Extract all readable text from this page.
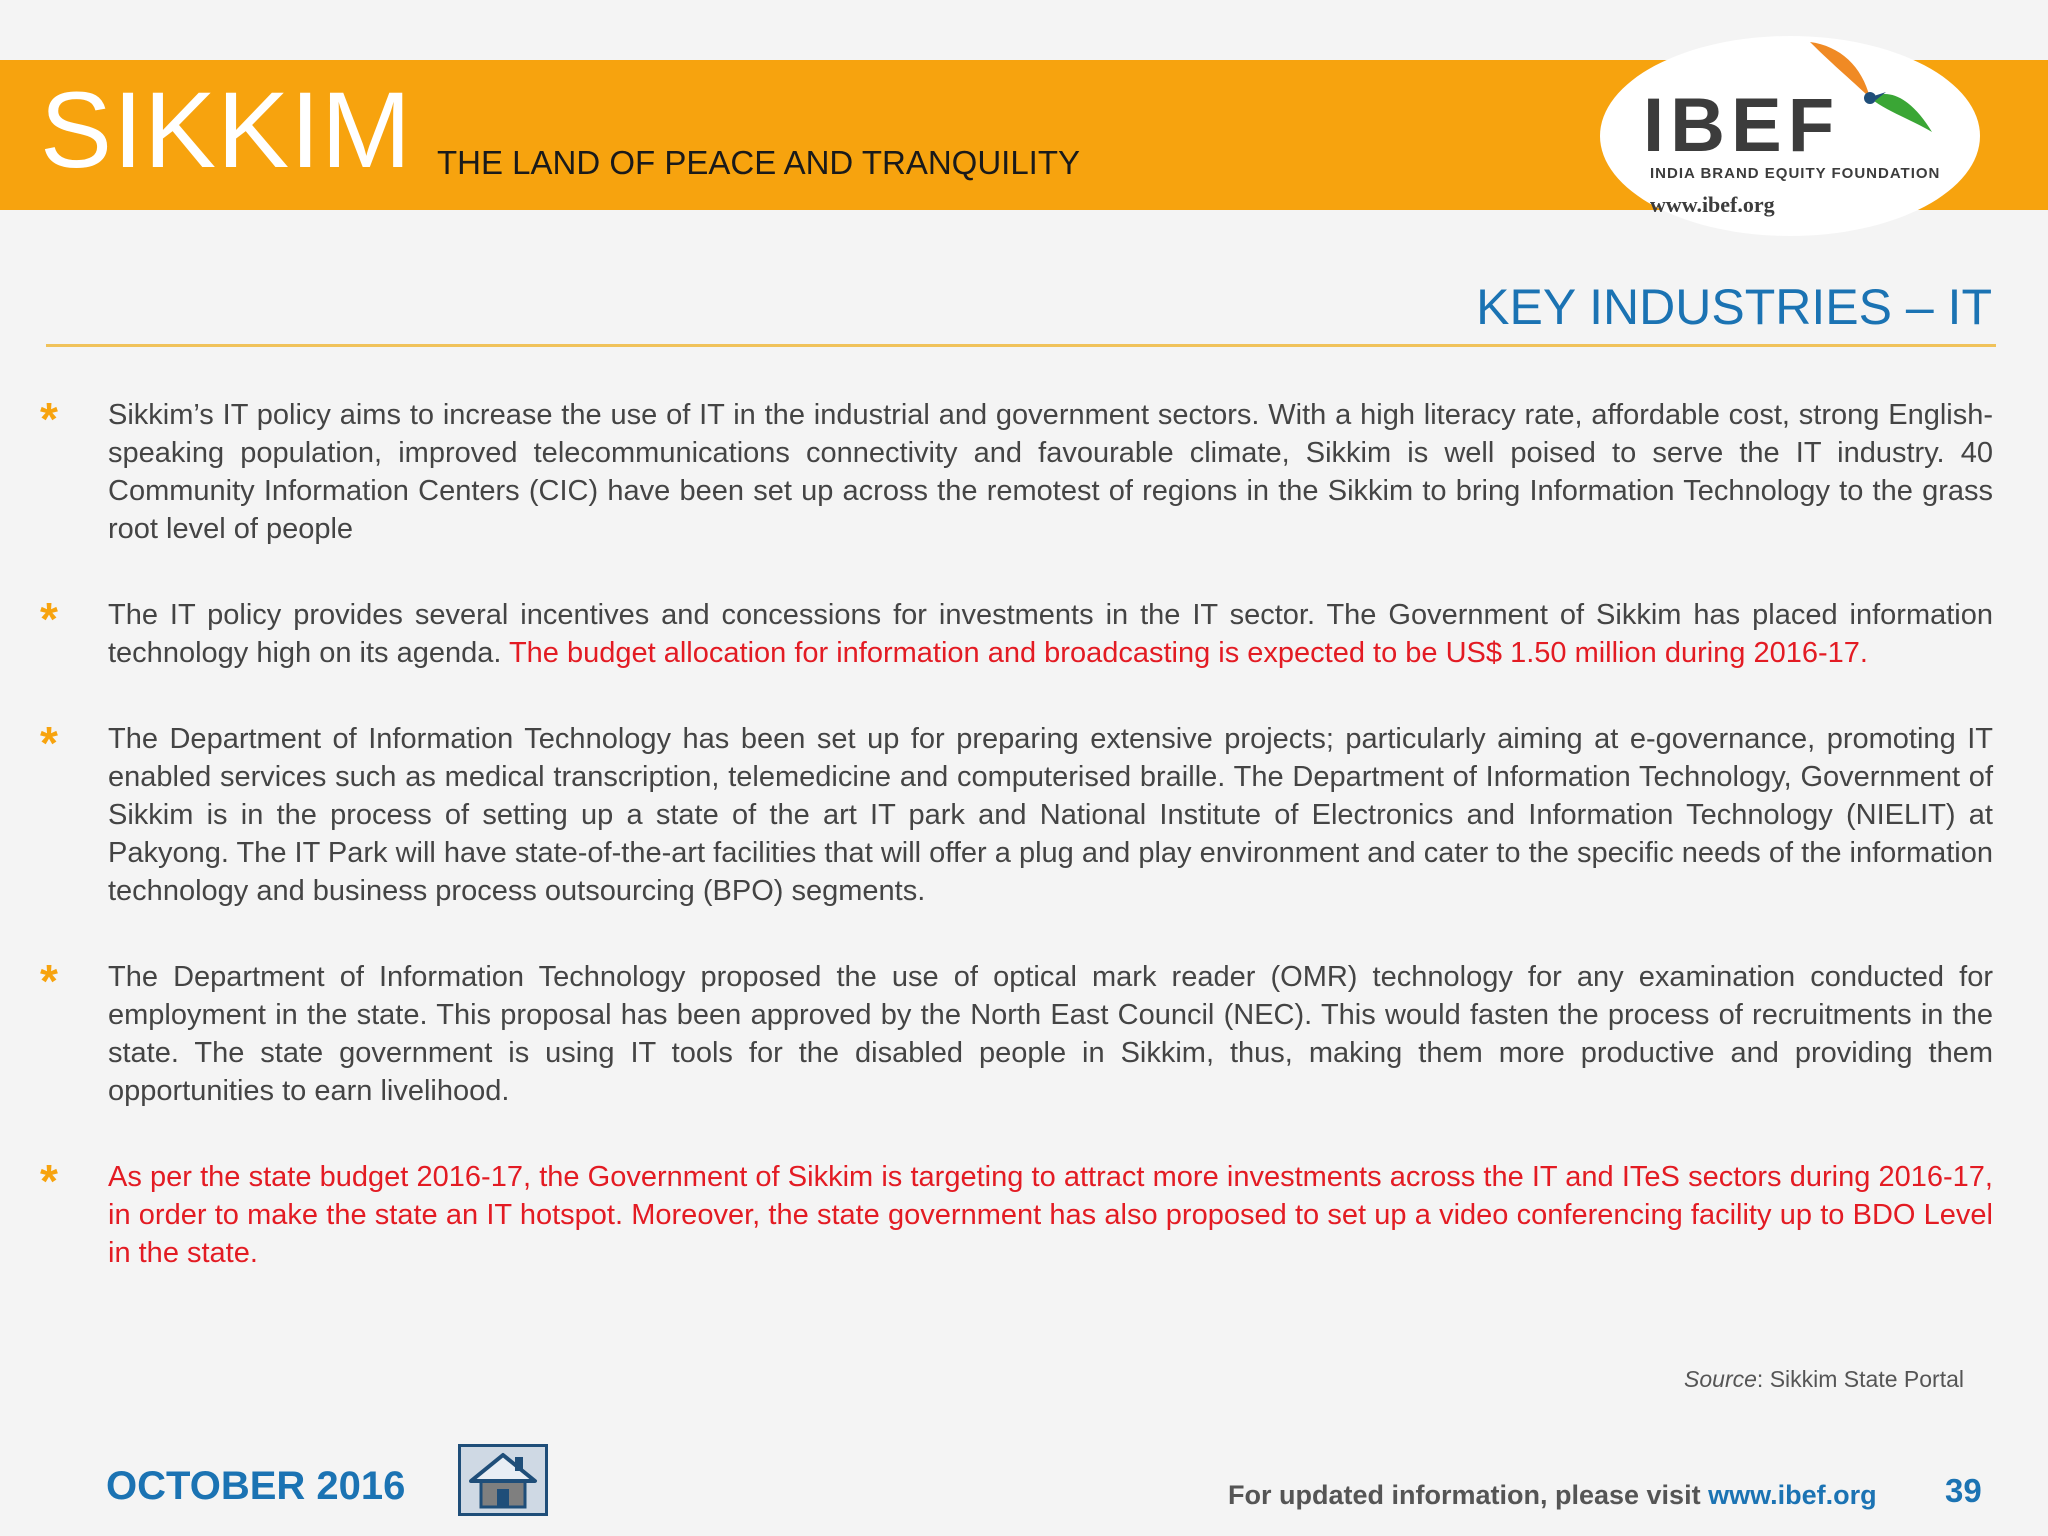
SIKKIM THE LAND OF PEACE AND TRANQUILITY	IBEF
INDIA BRAND EQUITY FOUNDATION
www.ibef.org
KEY INDUSTRIES – IT
* Sikkim’s IT policy aims to increase the use of IT in the industrial and government sectors. With a high literacy rate, affordable cost, strong English-speaking population, improved telecommunications connectivity and favourable climate, Sikkim is well poised to serve the IT industry. 40 Community Information Centers (CIC) have been set up across the remotest of regions in the Sikkim to bring Information Technology to the grass root level of people

* The IT policy provides several incentives and concessions for investments in the IT sector. The Government of Sikkim has placed information technology high on its agenda. The budget allocation for information and broadcasting is expected to be US$ 1.50 million during 2016-17.

* The Department of Information Technology has been set up for preparing extensive projects; particularly aiming at e-governance, promoting IT enabled services such as medical transcription, telemedicine and computerised braille. The Department of Information Technology, Government of Sikkim is in the process of setting up a state of the art IT park and National Institute of Electronics and Information Technology (NIELIT) at Pakyong. The IT Park will have state-of-the-art facilities that will offer a plug and play environment and cater to the specific needs of the information technology and business process outsourcing (BPO) segments.

* The Department of Information Technology proposed the use of optical mark reader (OMR) technology for any examination conducted for employment in the state. This proposal has been approved by the North East Council (NEC). This would fasten the process of recruitments in the state. The state government is using IT tools for the disabled people in Sikkim, thus, making them more productive and providing them opportunities to earn livelihood.

* As per the state budget 2016-17, the Government of Sikkim is targeting to attract more investments across the IT and ITeS sectors during 2016-17, in order to make the state an IT hotspot. Moreover, the state government has also proposed to set up a video conferencing facility up to BDO Level in the state.

Source: Sikkim State Portal
OCTOBER 2016	For updated information, please visit www.ibef.org 39
